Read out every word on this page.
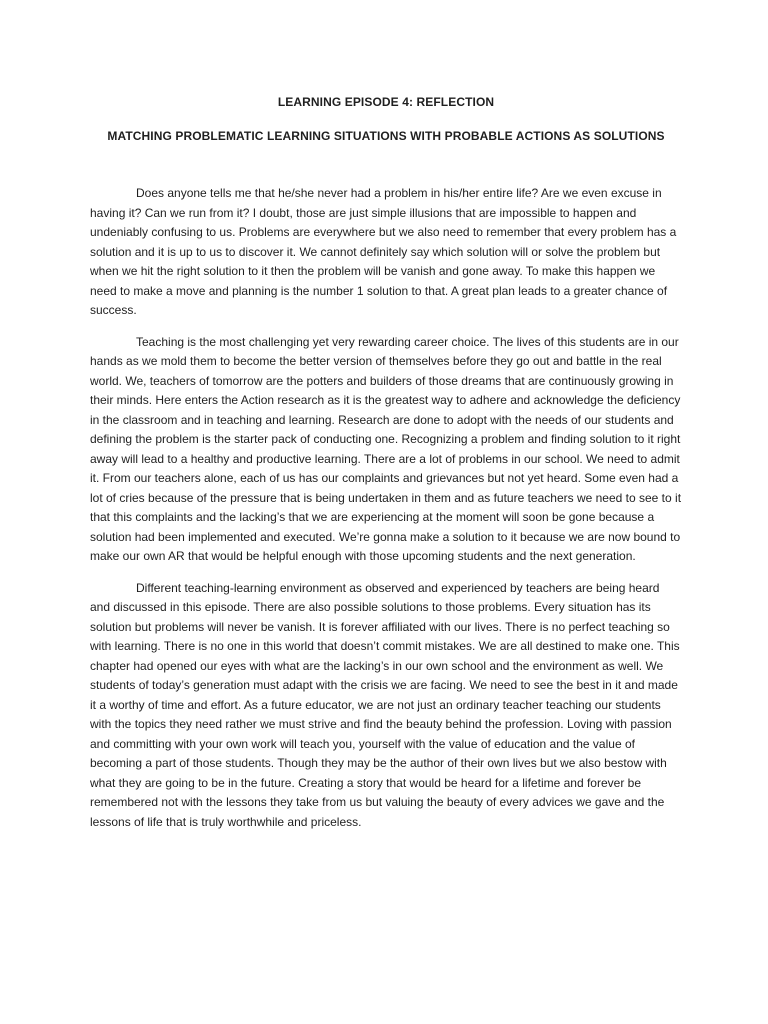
LEARNING EPISODE 4: REFLECTION
MATCHING PROBLEMATIC LEARNING SITUATIONS WITH PROBABLE ACTIONS AS SOLUTIONS

Does anyone tells me that he/she never had a problem in his/her entire life? Are we even excuse in having it? Can we run from it? I doubt, those are just simple illusions that are impossible to happen and undeniably confusing to us. Problems are everywhere but we also need to remember that every problem has a solution and it is up to us to discover it. We cannot definitely say which solution will or solve the problem but when we hit the right solution to it then the problem will be vanish and gone away. To make this happen we need to make a move and planning is the number 1 solution to that. A great plan leads to a greater chance of success.

Teaching is the most challenging yet very rewarding career choice. The lives of this students are in our hands as we mold them to become the better version of themselves before they go out and battle in the real world. We, teachers of tomorrow are the potters and builders of those dreams that are continuously growing in their minds. Here enters the Action research as it is the greatest way to adhere and acknowledge the deficiency in the classroom and in teaching and learning. Research are done to adopt with the needs of our students and defining the problem is the starter pack of conducting one. Recognizing a problem and finding solution to it right away will lead to a healthy and productive learning. There are a lot of problems in our school. We need to admit it. From our teachers alone, each of us has our complaints and grievances but not yet heard. Some even had a lot of cries because of the pressure that is being undertaken in them and as future teachers we need to see to it that this complaints and the lacking’s that we are experiencing at the moment will soon be gone because a solution had been implemented and executed. We’re gonna make a solution to it because we are now bound to make our own AR that would be helpful enough with those upcoming students and the next generation.

Different teaching-learning environment as observed and experienced by teachers are being heard and discussed in this episode. There are also possible solutions to those problems. Every situation has its solution but problems will never be vanish. It is forever affiliated with our lives. There is no perfect teaching so with learning. There is no one in this world that doesn’t commit mistakes. We are all destined to make one. This chapter had opened our eyes with what are the lacking’s in our own school and the environment as well. We students of today’s generation must adapt with the crisis we are facing. We need to see the best in it and made it a worthy of time and effort. As a future educator, we are not just an ordinary teacher teaching our students with the topics they need rather we must strive and find the beauty behind the profession. Loving with passion and committing with your own work will teach you, yourself with the value of education and the value of becoming a part of those students. Though they may be the author of their own lives but we also bestow with what they are going to be in the future. Creating a story that would be heard for a lifetime and forever be remembered not with the lessons they take from us but valuing the beauty of every advices we gave and the lessons of life that is truly worthwhile and priceless.
